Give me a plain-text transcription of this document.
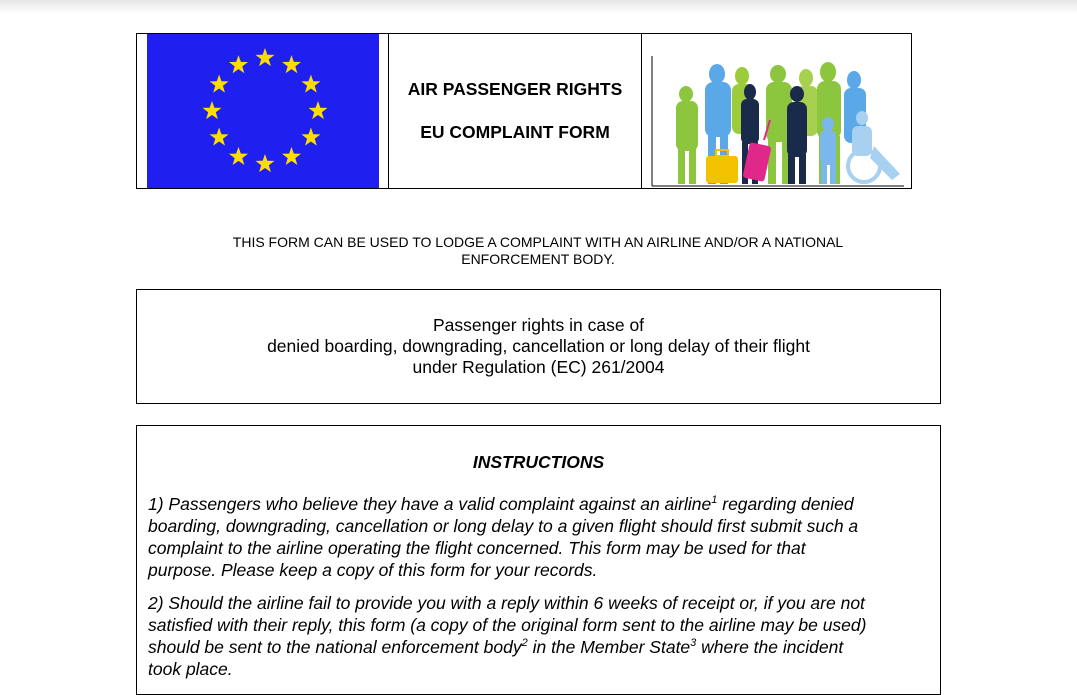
AIR PASSENGER RIGHTS
EU COMPLAINT FORM
THIS FORM CAN BE USED TO LODGE A COMPLAINT WITH AN AIRLINE AND/OR A NATIONAL
ENFORCEMENT BODY.
Passenger rights in case of
denied boarding, downgrading, cancellation or long delay of their flight
under Regulation (EC) 261/2004
INSTRUCTIONS
1) Passengers who believe they have a valid complaint against an airline$^1$ regarding denied
boarding, downgrading, cancellation or long delay to a given flight should first submit such a
complaint to the airline operating the flight concerned. This form may be used for that
purpose. Please keep a copy of this form for your records.
2) Should the airline fail to provide you with a reply within 6 weeks of receipt or, if you are not
satisfied with their reply, this form (a copy of the original form sent to the airline may be used)
should be sent to the national enforcement body$^2$ in the Member State$^3$ where the incident
took place.
